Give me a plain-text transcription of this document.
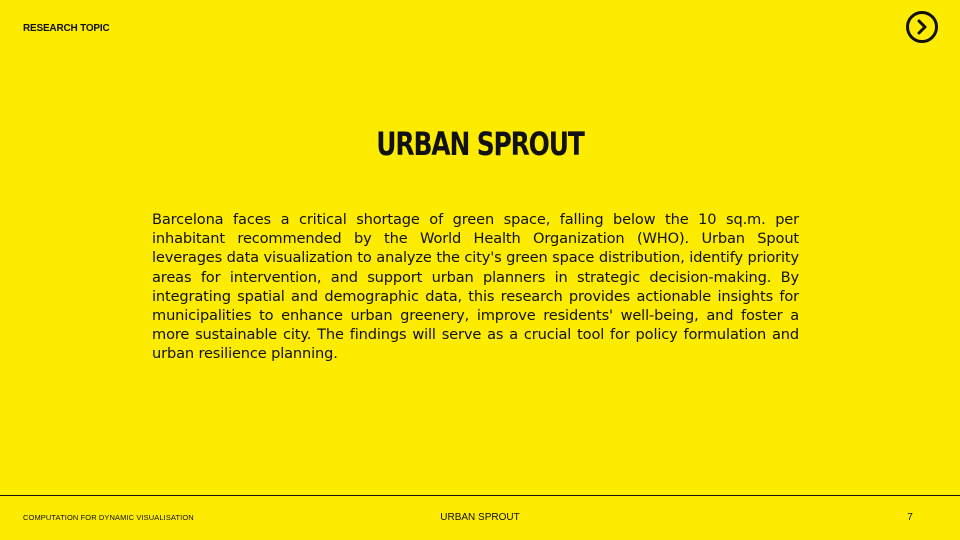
RESEARCH TOPIC
URBAN SPROUT

Barcelona faces a critical shortage of green space, falling below the 10 sq.m. per inhabitant recommended by the World Health Organization (WHO). Urban Spout leverages data visualization to analyze the city's green space distribution, identify priority areas for intervention, and support urban planners in strategic decision-making. By integrating spatial and demographic data, this research provides actionable insights for municipalities to enhance urban greenery, improve residents' well-being, and foster a more sustainable city. The findings will serve as a crucial tool for policy formulation and urban resilience planning.

COMPUTATION FOR DYNAMIC VISUALISATION	URBAN SPROUT	7
